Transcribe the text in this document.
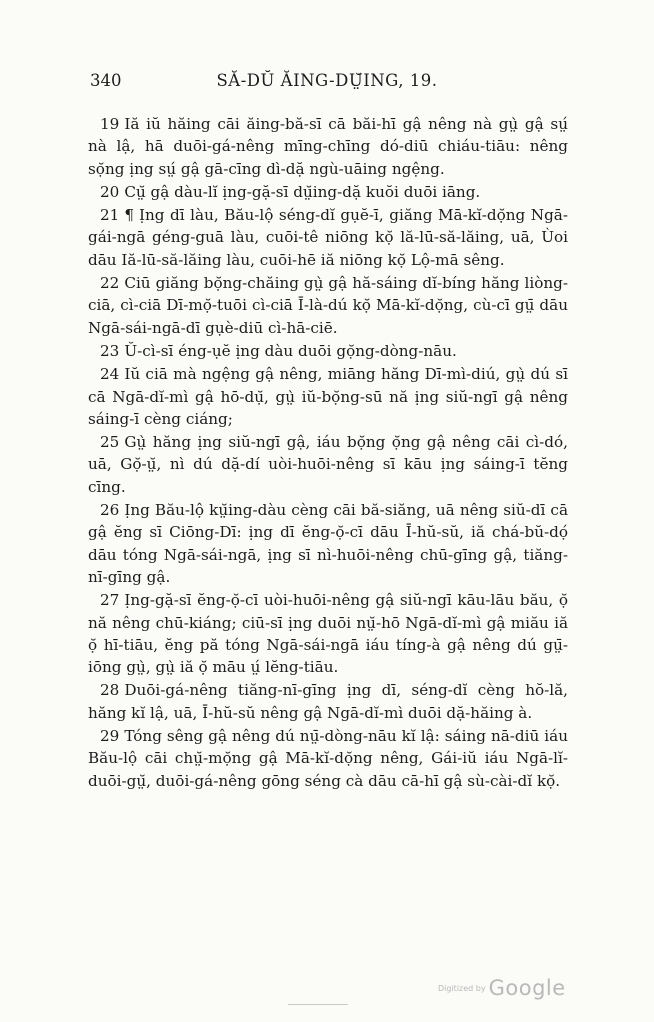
340	SĂ-DŬ ĂING-DṲ̆ING, 19.

19 Iă iŭ hăing cāi ăing-bă-sī cā băi-hī gậ nêng nà gṳ̀ gậ sṳ́ nà lậ, hā duōi-gá-nêng mīng-chīng dó-diū chiáu-tiāu: nêng sọ̆ng ịng sṳ́ gậ gā-cīng dì-dặ ngù-uāing ngệng.

20 Cṳ̆ gậ dàu-lĭ ịng-gặ-sī dṳ̆ing-dặ kuŏi duōi iāng.

21 ¶ Ịng dī làu, Bău-lộ séng-dĭ gụĕ-ī, giăng Mā-kĭ-dọ̆ng Ngā-gái-ngā géng-guā làu, cuōi-tê niōng kọ̆ lă-lū-să-lăing, uā, Ùoi dāu Iă-lū-să-lăing làu, cuōi-hē iă niōng kọ̆ Lộ-mā sêng.

22 Ciū giăng bọ̆ng-chăing gṳ̀ gậ hă-sáing dĭ-bíng hăng liòng-ciā, cì-ciā Dī-mọ̆-tuōi cì-ciā Ī-là-dú kọ̆ Mā-kĭ-dọ̆ng, cù-cī gṳ̄ dāu Ngā-sái-ngā-dī gụè-diū cì-hā-ciē.

23 Ŭ-cì-sī éng-ụĕ ịng dàu duōi gọ̆ng-dòng-nāu.

24 Iŭ ciā mà ngệng gậ nêng, miāng hăng Dī-mì-diú, gṳ̀ dú sī cā Ngā-dĭ-mì gậ hō-dụ̆, gṳ̀ iŭ-bọ̆ng-sū nă ịng siŭ-ngī gậ nêng sáing-ī cèng ciáng;

25 Gṳ̀ hăng ịng siŭ-ngī gậ, iáu bọ̆ng ọ̆ng gậ nêng cāi cì-dó, uā, Gọ̆-ṳ̆, nì dú dặ-dí uòi-huōi-nêng sī kāu ịng sáing-ī tĕng cīng.

26 Ịng Bău-lộ kṳ̆ing-dàu cèng cāi bă-siăng, uā nêng siŭ-dī cā gậ ĕng sī Ciōng-Dī: ịng dī ĕng-ọ̆-cī dāu Ī-hŭ-sŭ, iă chá-bŭ-dọ́ dāu tóng Ngā-sái-ngā, ịng sī nì-huōi-nêng chū-gīng gậ, tiăng-nī-gīng gậ.

27 Ịng-gặ-sī ĕng-ọ̆-cī uòi-huōi-nêng gậ siŭ-ngī kāu-lāu bău, ọ̆ nă nêng chū-kiáng; ciū-sī ịng duōi nṳ̆-hō Ngā-dĭ-mì gậ miău iă ọ̆ hī-tiāu, ĕng pă tóng Ngā-sái-ngā iáu tíng-à gậ nêng dú gṳ̄-iōng gṳ̀, gṳ̀ iă ọ̆ māu ṳ́ lĕng-tiāu.

28 Duōi-gá-nêng tiăng-nī-gīng ịng dī, séng-dĭ cèng hŏ-lă, hăng kĭ lậ, uā, Ī-hŭ-sŭ nêng gậ Ngā-dĭ-mì duōi dặ-hăing à.

29 Tóng sêng gậ nêng dú nṳ̄-dòng-nāu kĭ lậ: sáing nā-diū iáu Bău-lộ cāi chṳ̆-mọ̆ng gậ Mā-kĭ-dọ̆ng nêng, Gái-iŭ iáu Ngā-lĭ-duōi-gṳ̆, duōi-gá-nêng gōng séng cà dāu cā-hī gậ sù-cài-dĭ kọ̆.

Digitized by Google
